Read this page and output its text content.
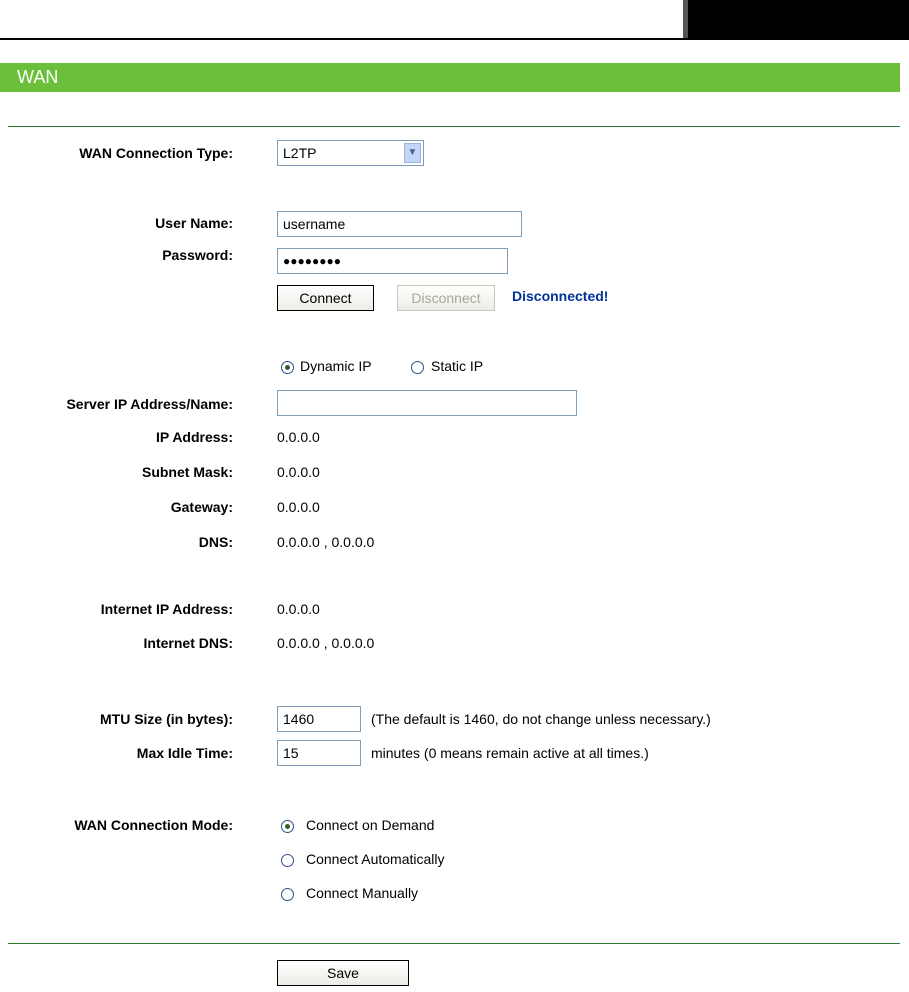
WAN
WAN Connection Type:	L2TP	▼
User Name:
username
Password:	●●●●●●●●
Connect	Disconnect	Disconnected!
Dynamic IP	Static IP
Server IP Address/Name:
IP Address:	0.0.0.0
Subnet Mask:	0.0.0.0
Gateway:	0.0.0.0
DNS:	0.0.0.0 , 0.0.0.0
Internet IP Address:	0.0.0.0
Internet DNS:	0.0.0.0 , 0.0.0.0
MTU Size (in bytes):
1460	(The default is 1460, do not change unless necessary.)
Max Idle Time:
15	minutes (0 means remain active at all times.)
WAN Connection Mode:	Connect on Demand
Connect Automatically
Connect Manually
Save
